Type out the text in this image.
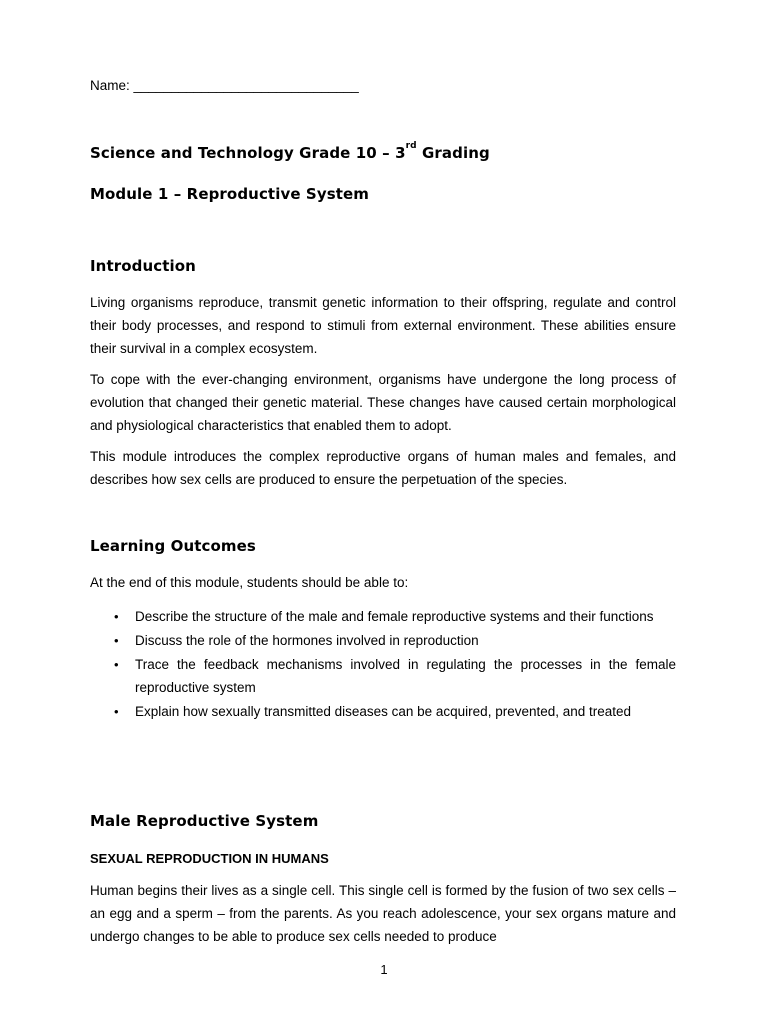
Name: ______________________________
Science and Technology Grade 10 – 3rd Grading
Module 1 – Reproductive System
Introduction

Living organisms reproduce, transmit genetic information to their offspring, regulate and control their body processes, and respond to stimuli from external environment. These abilities ensure their survival in a complex ecosystem.

To cope with the ever-changing environment, organisms have undergone the long process of evolution that changed their genetic material. These changes have caused certain morphological and physiological characteristics that enabled them to adopt.

This module introduces the complex reproductive organs of human males and females, and describes how sex cells are produced to ensure the perpetuation of the species.

Learning Outcomes

At the end of this module, students should be able to:

• Describe the structure of the male and female reproductive systems and their functions
• Discuss the role of the hormones involved in reproduction
• Trace the feedback mechanisms involved in regulating the processes in the female reproductive system
• Explain how sexually transmitted diseases can be acquired, prevented, and treated
Male Reproductive System
SEXUAL REPRODUCTION IN HUMANS

Human begins their lives as a single cell. This single cell is formed by the fusion of two sex cells – an egg and a sperm – from the parents. As you reach adolescence, your sex organs mature and undergo changes to be able to produce sex cells needed to produce

1
